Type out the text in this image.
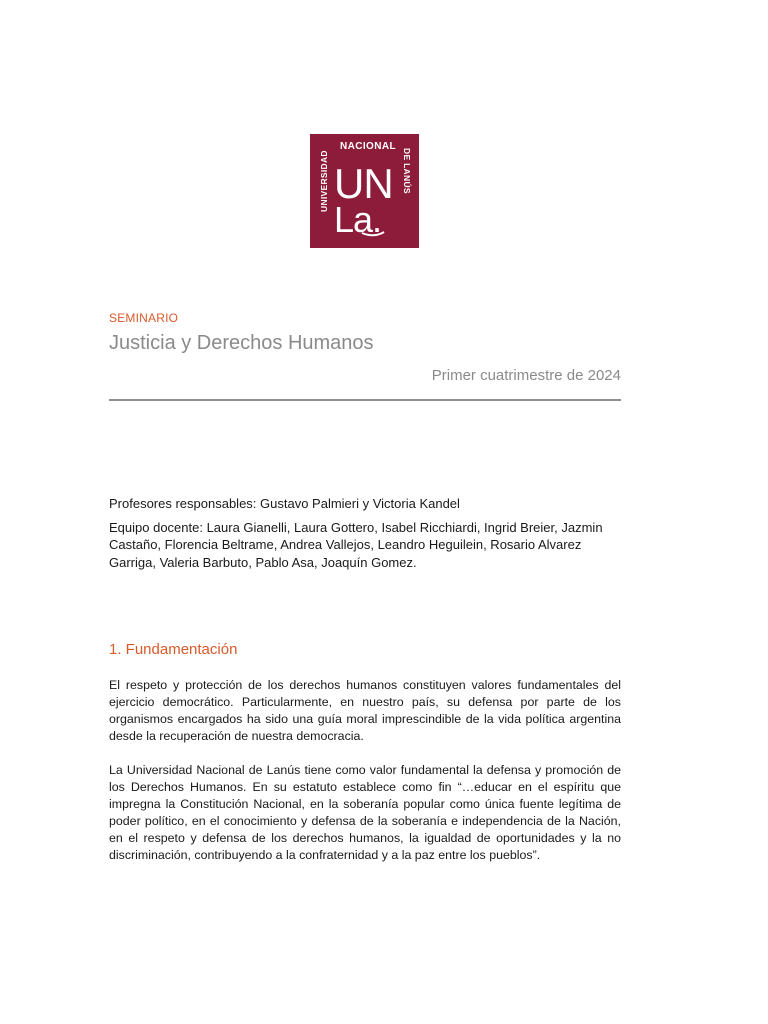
UNIVERSIDAD
NACIONAL
DE LANÚS
UN
La.
SEMINARIO
Justicia y Derechos Humanos
Primer cuatrimestre de 2024

Profesores responsables: Gustavo Palmieri y Victoria Kandel

Equipo docente: Laura Gianelli, Laura Gottero, Isabel Ricchiardi, Ingrid Breier, Jazmin Castaño, Florencia Beltrame, Andrea Vallejos, Leandro Heguilein, Rosario Alvarez Garriga, Valeria Barbuto, Pablo Asa, Joaquín Gomez.

1. Fundamentación

El respeto y protección de los derechos humanos constituyen valores fundamentales del ejercicio democrático. Particularmente, en nuestro país, su defensa por parte de los organismos encargados ha sido una guía moral imprescindible de la vida política argentina desde la recuperación de nuestra democracia.

La Universidad Nacional de Lanús tiene como valor fundamental la defensa y promoción de los Derechos Humanos. En su estatuto establece como fin “…educar en el espíritu que impregna la Constitución Nacional, en la soberanía popular como única fuente legítima de poder político, en el conocimiento y defensa de la soberanía e independencia de la Nación, en el respeto y defensa de los derechos humanos, la igualdad de oportunidades y la no discriminación, contribuyendo a la confraternidad y a la paz entre los pueblos”.
